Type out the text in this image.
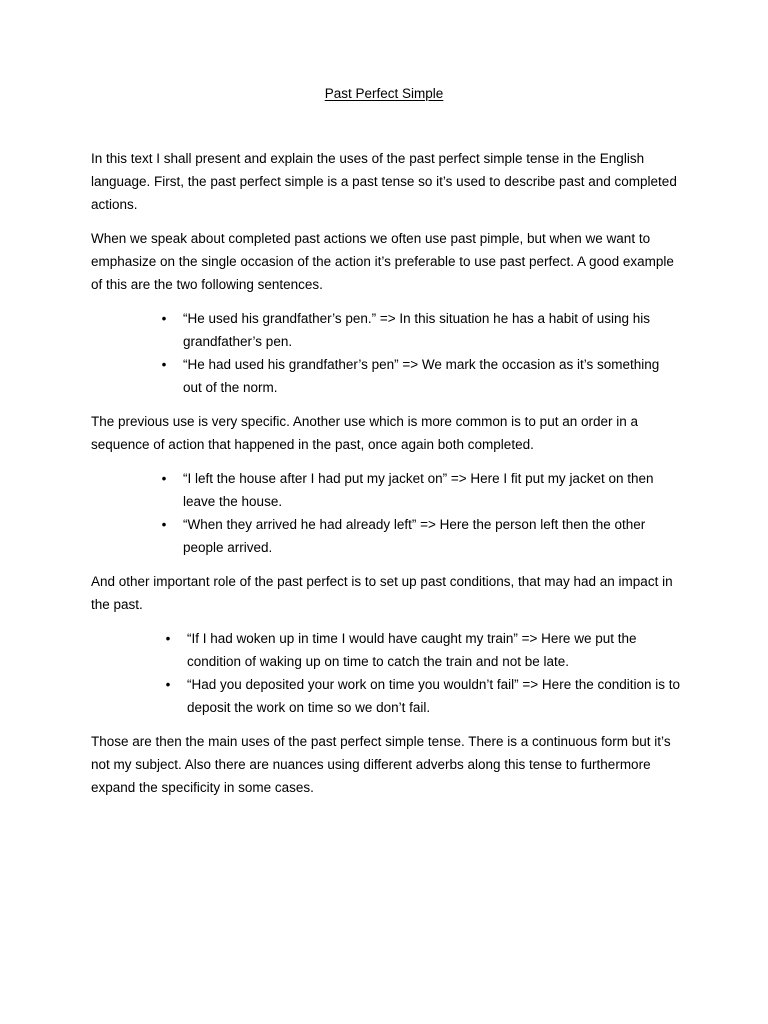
Past Perfect Simple

In this text I shall present and explain the uses of the past perfect simple tense in the English language. First, the past perfect simple is a past tense so it’s used to describe past and completed actions.

When we speak about completed past actions we often use past pimple, but when we want to emphasize on the single occasion of the action it’s preferable to use past perfect. A good example of this are the two following sentences.

• “He used his grandfather’s pen.” => In this situation he has a habit of using his grandfather’s pen.
• “He had used his grandfather’s pen” => We mark the occasion as it’s something out of the norm.

The previous use is very specific. Another use which is more common is to put an order in a sequence of action that happened in the past, once again both completed.

• “I left the house after I had put my jacket on” => Here I fit put my jacket on then leave the house.
• “When they arrived he had already left” => Here the person left then the other people arrived.

And other important role of the past perfect is to set up past conditions, that may had an impact in the past.

• “If I had woken up in time I would have caught my train” => Here we put the condition of waking up on time to catch the train and not be late.
• “Had you deposited your work on time you wouldn’t fail” => Here the condition is to deposit the work on time so we don’t fail.

Those are then the main uses of the past perfect simple tense. There is a continuous form but it’s not my subject. Also there are nuances using different adverbs along this tense to furthermore expand the specificity in some cases.
